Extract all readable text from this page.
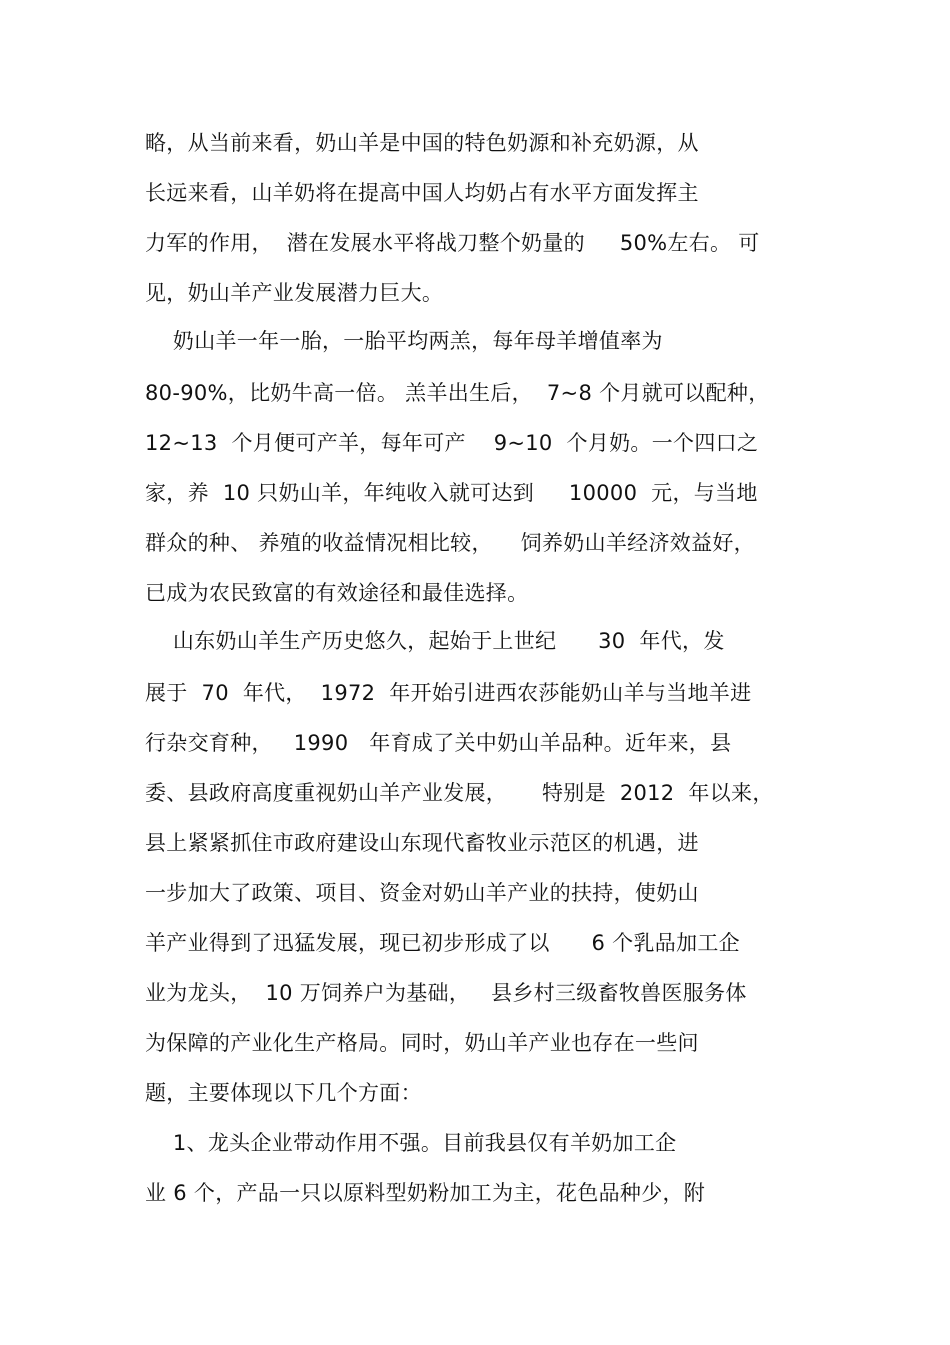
略，从当前来看，奶山羊是中国的特色奶源和补充奶源，从

长远来看，山羊奶将在提高中国人均奶占有水平方面发挥主

力军的作用，  潜在发展水平将战刀整个奶量的     50%左右。 可

见，奶山羊产业发展潜力巨大。

奶山羊一年一胎，一胎平均两羔，每年母羊增值率为

80-90%，比奶牛高一倍。 羔羊出生后，  7~8 个月就可以配种，

12~13  个月便可产羊，每年可产    9~10  个月奶。一个四口之

家，养  10 只奶山羊，年纯收入就可达到     10000  元，与当地

群众的种、 养殖的收益情况相比较，    饲养奶山羊经济效益好，

已成为农民致富的有效途径和最佳选择。

山东奶山羊生产历史悠久，起始于上世纪      30  年代，发

展于  70  年代，  1972  年开始引进西农莎能奶山羊与当地羊进

行杂交育种，   1990   年育成了关中奶山羊品种。近年来，县

委、县政府高度重视奶山羊产业发展，     特别是  2012  年以来，

县上紧紧抓住市政府建设山东现代畜牧业示范区的机遇，进

一步加大了政策、项目、资金对奶山羊产业的扶持，使奶山

羊产业得到了迅猛发展，现已初步形成了以      6 个乳品加工企

业为龙头，  10 万饲养户为基础，   县乡村三级畜牧兽医服务体

为保障的产业化生产格局。同时，奶山羊产业也存在一些问

题，主要体现以下几个方面：

1、龙头企业带动作用不强。目前我县仅有羊奶加工企

业 6 个，产品一只以原料型奶粉加工为主，花色品种少，附
